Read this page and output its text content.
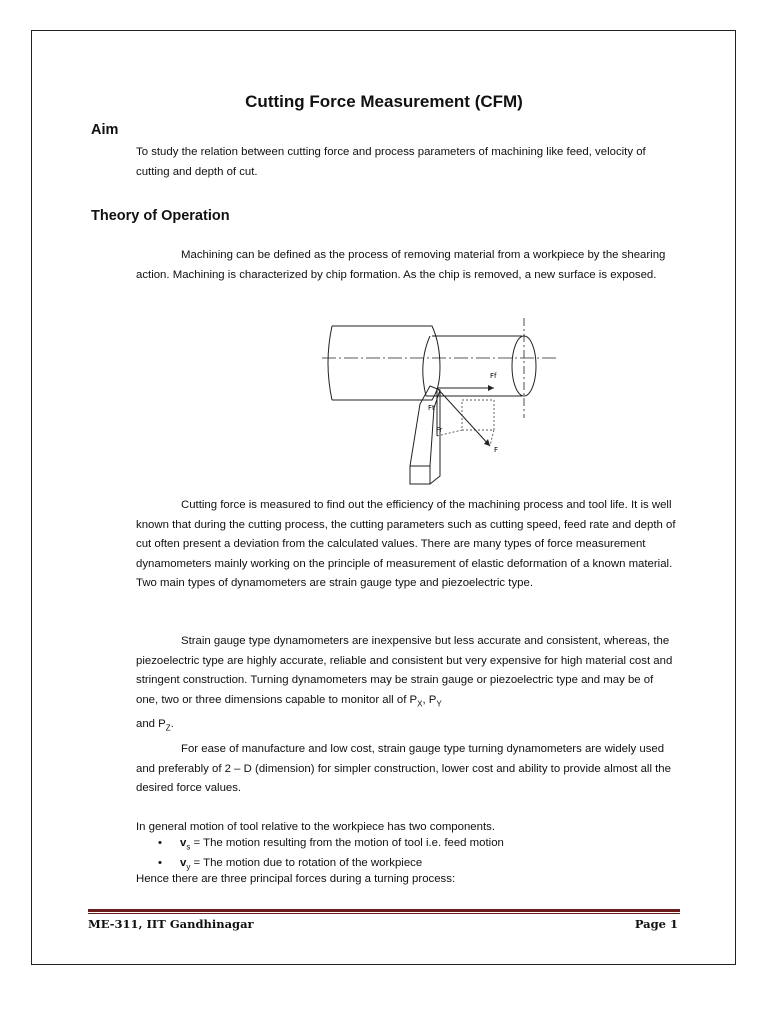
Cutting Force Measurement (CFM)
Aim
To study the relation between cutting force and process parameters of machining like feed, velocity of cutting and depth of cut.
Theory of Operation
Machining can be defined as the process of removing material from a workpiece by the shearing action. Machining is characterized by chip formation. As the chip is removed, a new surface is exposed.
Ff
Ft
Fr
F
Cutting force is measured to find out the efficiency of the machining process and tool life. It is well known that during the cutting process, the cutting parameters such as cutting speed, feed rate and depth of cut often present a deviation from the calculated values. There are many types of force measurement dynamometers mainly working on the principle of measurement of elastic deformation of a known material. Two main types of dynamometers are strain gauge type and piezoelectric type.
Strain gauge type dynamometers are inexpensive but less accurate and consistent, whereas, the piezoelectric type are highly accurate, reliable and consistent but very expensive for high material cost and stringent construction. Turning dynamometers may be strain gauge or piezoelectric type and may be of one, two or three dimensions capable to monitor all of $P_X$, $P_Y$
and $P_Z$.
For ease of manufacture and low cost, strain gauge type turning dynamometers are widely used and preferably of 2 – D (dimension) for simpler construction, lower cost and ability to provide almost all the desired force values.
In general motion of tool relative to the workpiece has two components.
• $v_s$ = The motion resulting from the motion of tool i.e. feed motion
• $v_y$ = The motion due to rotation of the workpiece
Hence there are three principal forces during a turning process:
ME-311, IIT Gandhinagar	Page 1
